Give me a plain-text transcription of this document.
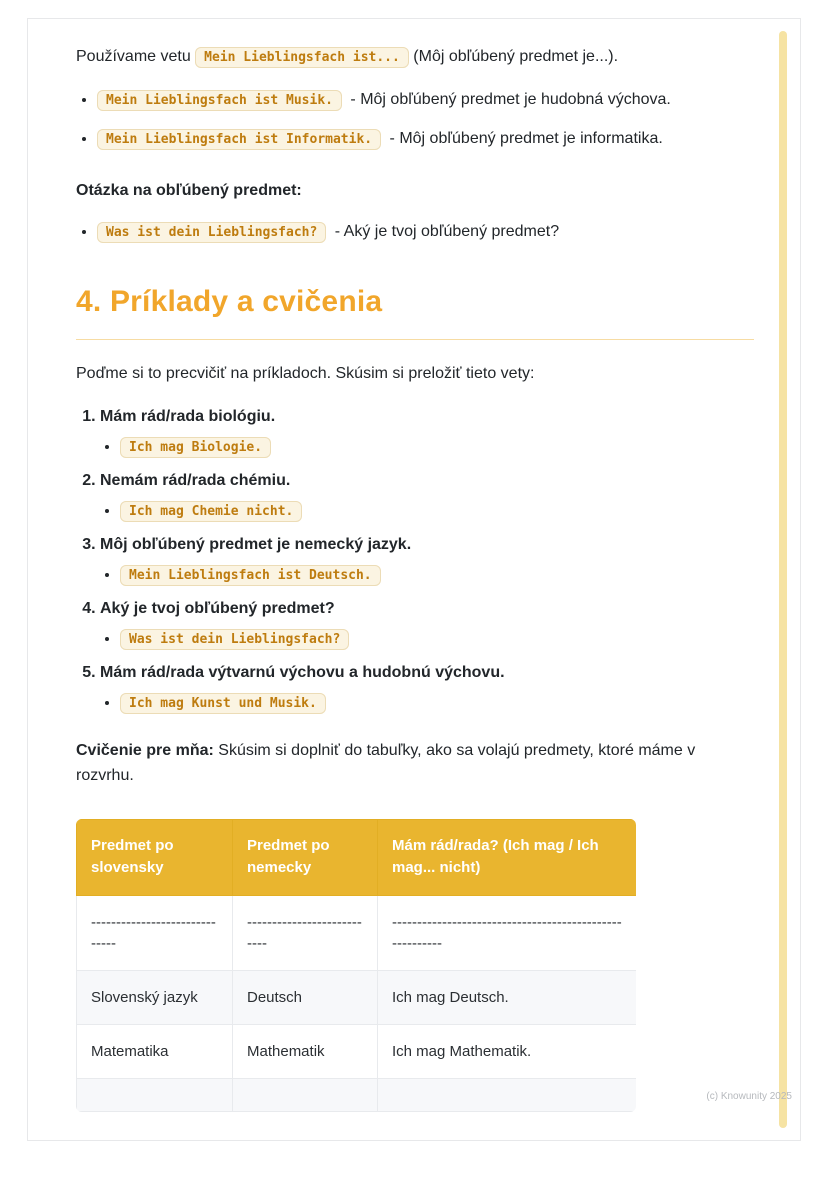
Používame vetu Mein Lieblingsfach ist... (Môj obľúbený predmet je...).

• Mein Lieblingsfach ist Musik. - Môj obľúbený predmet je hudobná výchova.
• Mein Lieblingsfach ist Informatik. - Môj obľúbený predmet je informatika.

Otázka na obľúbený predmet:

• Was ist dein Lieblingsfach? - Aký je tvoj obľúbený predmet?
4. Príklady a cvičenia

Poďme si to precvičiť na príkladoch. Skúsim si preložiť tieto vety:

1. Mám rád/rada biológiu.
• Ich mag Biologie.
2. Nemám rád/rada chémiu.
• Ich mag Chemie nicht.
3. Môj obľúbený predmet je nemecký jazyk.
• Mein Lieblingsfach ist Deutsch.
4. Aký je tvoj obľúbený predmet?
• Was ist dein Lieblingsfach?
5. Mám rád/rada výtvarnú výchovu a hudobnú výchovu.
• Ich mag Kunst und Musik.

Cvičenie pre mňa: Skúsim si doplniť do tabuľky, ako sa volajú predmety, ktoré máme v rozvrhu.

Predmet po slovensky	Predmet po nemecky	Mám rád/rada? (Ich mag / Ich mag... nicht)
------------------------------	---------------------------	--------------------------------------------------------
Slovenský jazyk	Deutsch	Ich mag Deutsch.
Matematika	Mathematik	Ich mag Mathematik.

(c) Knowunity 2025
